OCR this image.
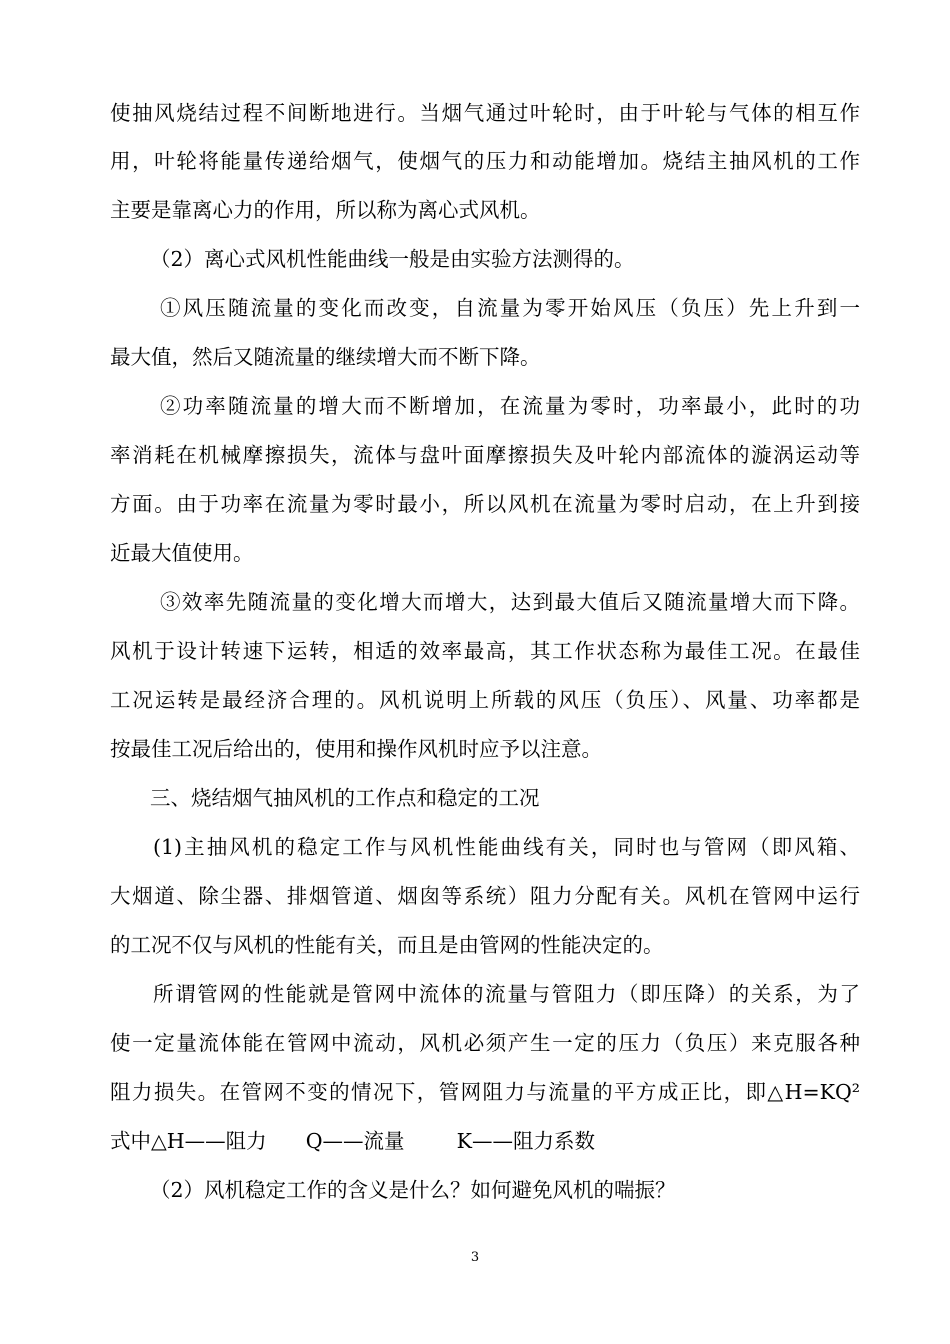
使抽风烧结过程不间断地进行。当烟气通过叶轮时，由于叶轮与气体的相互作
用，叶轮将能量传递给烟气，使烟气的压力和动能增加。烧结主抽风机的工作
主要是靠离心力的作用，所以称为离心式风机。
（2）离心式风机性能曲线一般是由实验方法测得的。
①风压随流量的变化而改变，自流量为零开始风压（负压）先上升到一
最大值，然后又随流量的继续增大而不断下降。
②功率随流量的增大而不断增加，在流量为零时，功率最小，此时的功
率消耗在机械摩擦损失，流体与盘叶面摩擦损失及叶轮内部流体的漩涡运动等
方面。由于功率在流量为零时最小，所以风机在流量为零时启动，在上升到接
近最大值使用。
③效率先随流量的变化增大而增大，达到最大值后又随流量增大而下降。
风机于设计转速下运转，相适的效率最高，其工作状态称为最佳工况。在最佳
工况运转是最经济合理的。风机说明上所载的风压（负压）、风量、功率都是
按最佳工况后给出的，使用和操作风机时应予以注意。
三、烧结烟气抽风机的工作点和稳定的工况
(1)主抽风机的稳定工作与风机性能曲线有关，同时也与管网（即风箱、
大烟道、除尘器、排烟管道、烟囱等系统）阻力分配有关。风机在管网中运行
的工况不仅与风机的性能有关，而且是由管网的性能决定的。
所谓管网的性能就是管网中流体的流量与管阻力（即压降）的关系，为了
使一定量流体能在管网中流动，风机必须产生一定的压力（负压）来克服各种
阻力损失。在管网不变的情况下，管网阻力与流量的平方成正比，即△H=KQ²
式中△H——阻力      Q——流量        K——阻力系数
（2）风机稳定工作的含义是什么？如何避免风机的喘振？
3
